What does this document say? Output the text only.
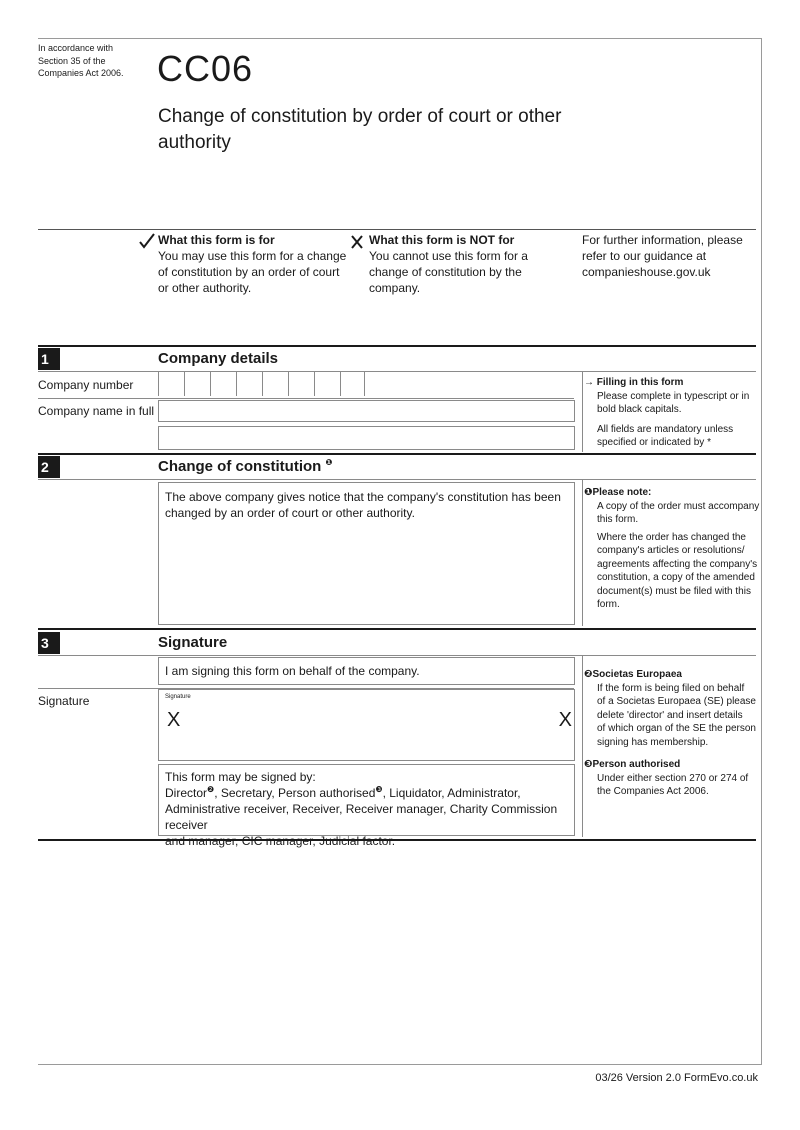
In accordance with
Section 35 of the
Companies Act 2006. CC06
Change of constitution by order of court or other
authority
What this form is for
You may use this form for a change
of constitution by an order of court
or other authority.
What this form is NOT for
You cannot use this form for a
change of constitution by the
company.
For further information, please
refer to our guidance at
companieshouse.gov.uk
1	Company details
Company number
Company name in full
→ Filling in this form
Please complete in typescript or in
bold black capitals.
All fields are mandatory unless
specified or indicated by *
2	Change of constitution $^❶$
The above company gives notice that the company's constitution has been
changed by an order of court or other authority.
❶Please note:
A copy of the order must accompany
this form.
Where the order has changed the
company's articles or resolutions/
agreements affecting the company's
constitution, a copy of the amended
document(s) must be filed with this
form.
3	Signature
I am signing this form on behalf of the company.
Signature	Signature
X	X
This form may be signed by:
Director$^❷$, Secretary, Person authorised$^❸$, Liquidator, Administrator,
Administrative receiver, Receiver, Receiver manager, Charity Commission receiver
and manager, CIC manager, Judicial factor.
❷Societas Europaea
If the form is being filed on behalf
of a Societas Europaea (SE) please
delete 'director' and insert details
of which organ of the SE the person
signing has membership.
❸Person authorised
Under either section 270 or 274 of
the Companies Act 2006.
03/26 Version 2.0 FormEvo.co.uk
